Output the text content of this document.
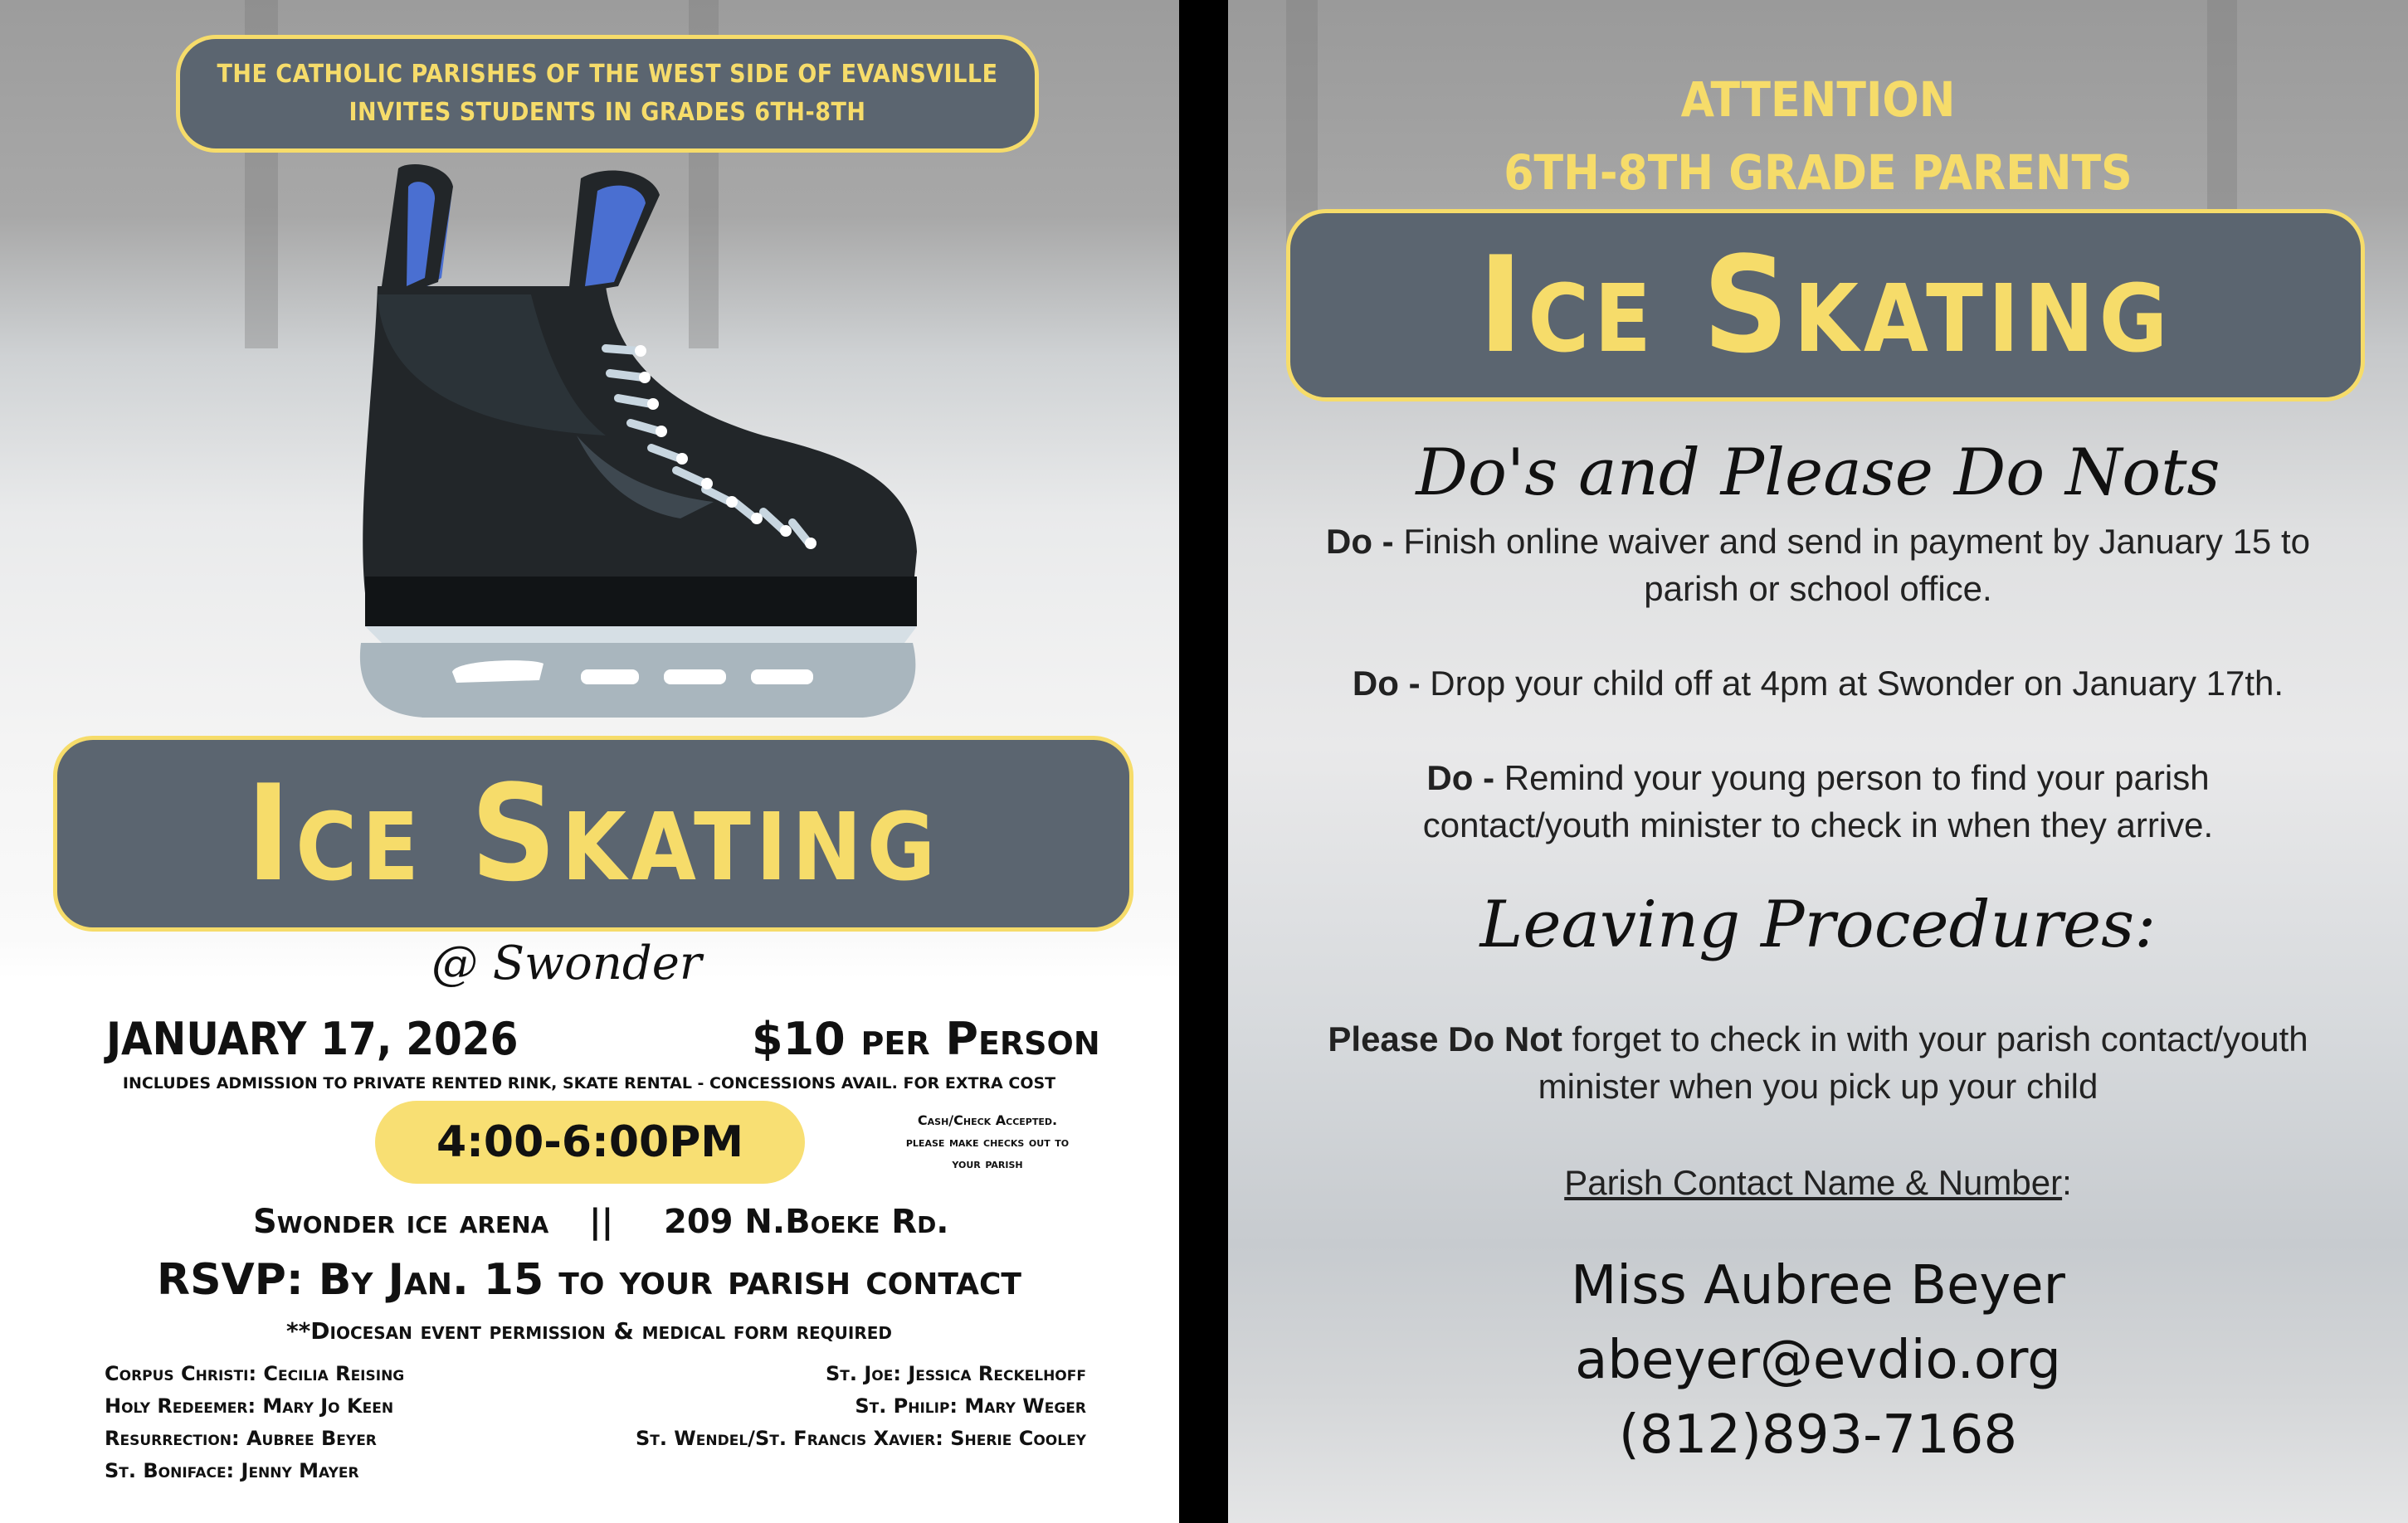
THE CATHOLIC PARISHES OF THE WEST SIDE OF EVANSVILLE INVITES STUDENTS IN GRADES 6TH-8TH
Ice Skating
@ Swonder
JANUARY 17, 2026	$10 per Person
INCLUDES ADMISSION TO PRIVATE RENTED RINK, SKATE RENTAL - CONCESSIONS AVAIL. FOR EXTRA COST
4:00-6:00PM	Cash/Check Accepted. please make checks out to your parish
Swonder ice arena || 209 N.Boeke Rd.
RSVP: By Jan. 15 to your parish contact
**Diocesan event permission & medical form required
Corpus Christi: Cecilia Reising
Holy Redeemer: Mary Jo Keen
Resurrection: Aubree Beyer
St. Boniface: Jenny Mayer
St. Joe: Jessica Reckelhoff
St. Philip: Mary Weger
St. Wendel/St. Francis Xavier: Sherie Cooley
ATTENTION
6TH-8TH GRADE PARENTS
Ice Skating
Do's and Please Do Nots
Do - Finish online waiver and send in payment by January 15 to parish or school office.
Do - Drop your child off at 4pm at Swonder on January 17th.
Do - Remind your young person to find your parish contact/youth minister to check in when they arrive.
Leaving Procedures:
Please Do Not forget to check in with your parish contact/youth minister when you pick up your child
Parish Contact Name & Number:
Miss Aubree Beyer
abeyer@evdio.org
(812)893-7168
